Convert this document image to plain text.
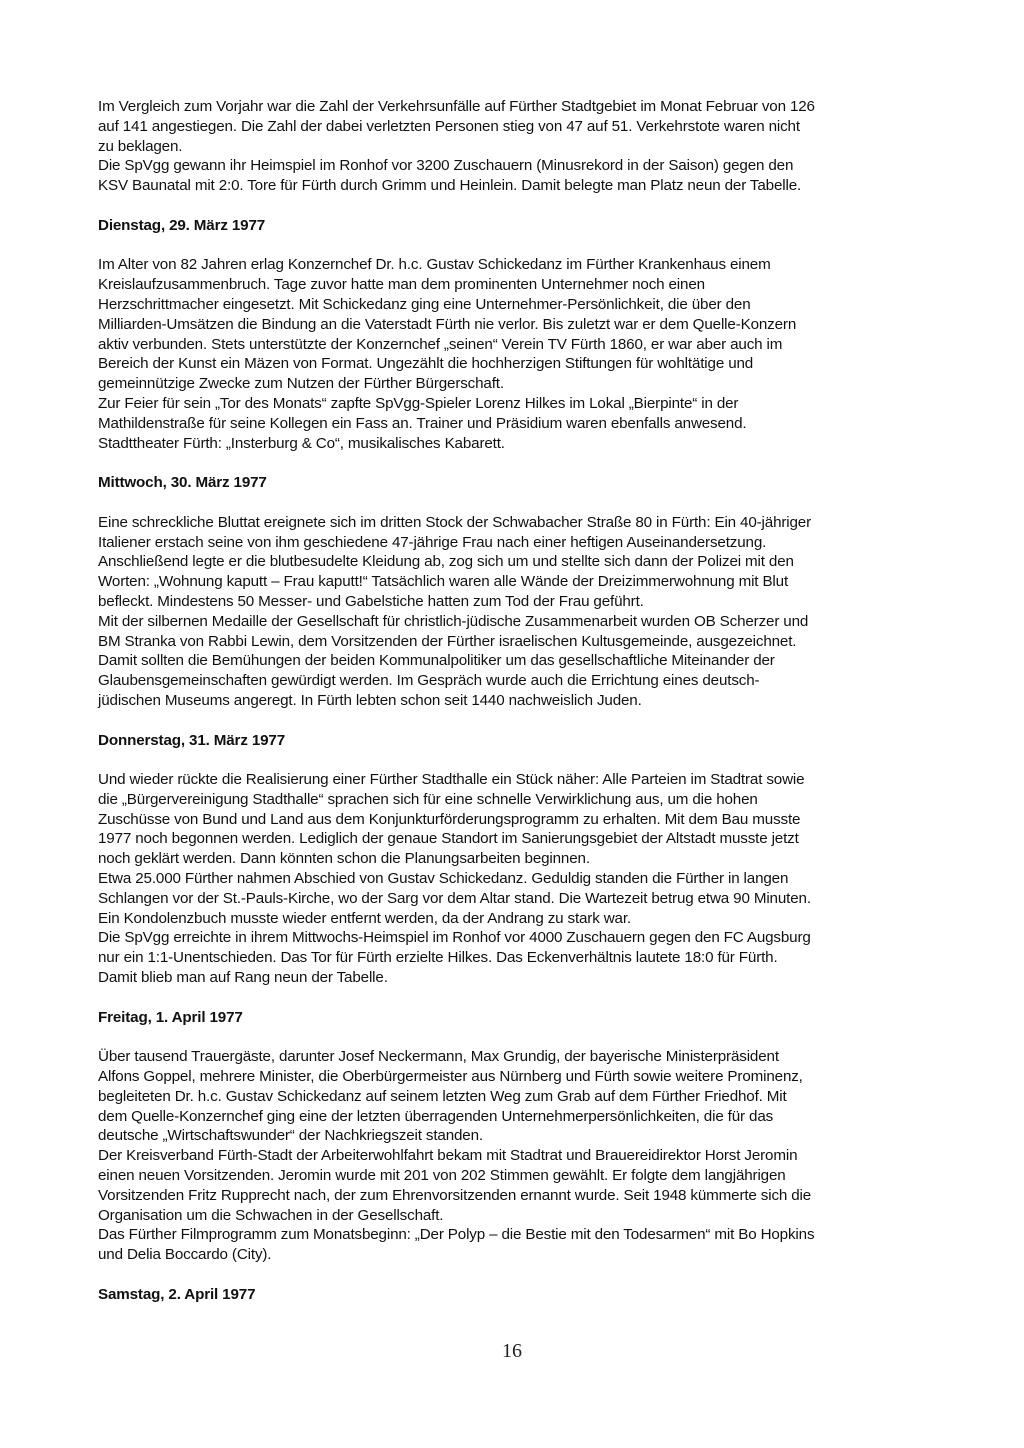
Im Vergleich zum Vorjahr war die Zahl der Verkehrsunfälle auf Fürther Stadtgebiet im Monat Februar von 126
auf 141 angestiegen. Die Zahl der dabei verletzten Personen stieg von 47 auf 51. Verkehrstote waren nicht
zu beklagen.
Die SpVgg gewann ihr Heimspiel im Ronhof vor 3200 Zuschauern (Minusrekord in der Saison) gegen den
KSV Baunatal mit 2:0. Tore für Fürth durch Grimm und Heinlein. Damit belegte man Platz neun der Tabelle.
Dienstag, 29. März 1977
Im Alter von 82 Jahren erlag Konzernchef Dr. h.c. Gustav Schickedanz im Fürther Krankenhaus einem
Kreislaufzusammenbruch. Tage zuvor hatte man dem prominenten Unternehmer noch einen
Herzschrittmacher eingesetzt. Mit Schickedanz ging eine Unternehmer-Persönlichkeit, die über den
Milliarden-Umsätzen die Bindung an die Vaterstadt Fürth nie verlor. Bis zuletzt war er dem Quelle-Konzern
aktiv verbunden. Stets unterstützte der Konzernchef „seinen“ Verein TV Fürth 1860, er war aber auch im
Bereich der Kunst ein Mäzen von Format. Ungezählt die hochherzigen Stiftungen für wohltätige und
gemeinnützige Zwecke zum Nutzen der Fürther Bürgerschaft.
Zur Feier für sein „Tor des Monats“ zapfte SpVgg-Spieler Lorenz Hilkes im Lokal „Bierpinte“ in der
Mathildenstraße für seine Kollegen ein Fass an. Trainer und Präsidium waren ebenfalls anwesend.
Stadttheater Fürth: „Insterburg & Co“, musikalisches Kabarett.
Mittwoch, 30. März 1977
Eine schreckliche Bluttat ereignete sich im dritten Stock der Schwabacher Straße 80 in Fürth: Ein 40-jähriger
Italiener erstach seine von ihm geschiedene 47-jährige Frau nach einer heftigen Auseinandersetzung.
Anschließend legte er die blutbesudelte Kleidung ab, zog sich um und stellte sich dann der Polizei mit den
Worten: „Wohnung kaputt – Frau kaputt!“ Tatsächlich waren alle Wände der Dreizimmerwohnung mit Blut
befleckt. Mindestens 50 Messer- und Gabelstiche hatten zum Tod der Frau geführt.
Mit der silbernen Medaille der Gesellschaft für christlich-jüdische Zusammenarbeit wurden OB Scherzer und
BM Stranka von Rabbi Lewin, dem Vorsitzenden der Fürther israelischen Kultusgemeinde, ausgezeichnet.
Damit sollten die Bemühungen der beiden Kommunalpolitiker um das gesellschaftliche Miteinander der
Glaubensgemeinschaften gewürdigt werden. Im Gespräch wurde auch die Errichtung eines deutsch-
jüdischen Museums angeregt. In Fürth lebten schon seit 1440 nachweislich Juden.
Donnerstag, 31. März 1977
Und wieder rückte die Realisierung einer Fürther Stadthalle ein Stück näher: Alle Parteien im Stadtrat sowie
die „Bürgervereinigung Stadthalle“ sprachen sich für eine schnelle Verwirklichung aus, um die hohen
Zuschüsse von Bund und Land aus dem Konjunkturförderungsprogramm zu erhalten. Mit dem Bau musste
1977 noch begonnen werden. Lediglich der genaue Standort im Sanierungsgebiet der Altstadt musste jetzt
noch geklärt werden. Dann könnten schon die Planungsarbeiten beginnen.
Etwa 25.000 Fürther nahmen Abschied von Gustav Schickedanz. Geduldig standen die Fürther in langen
Schlangen vor der St.-Pauls-Kirche, wo der Sarg vor dem Altar stand. Die Wartezeit betrug etwa 90 Minuten.
Ein Kondolenzbuch musste wieder entfernt werden, da der Andrang zu stark war.
Die SpVgg erreichte in ihrem Mittwochs-Heimspiel im Ronhof vor 4000 Zuschauern gegen den FC Augsburg
nur ein 1:1-Unentschieden. Das Tor für Fürth erzielte Hilkes. Das Eckenverhältnis lautete 18:0 für Fürth.
Damit blieb man auf Rang neun der Tabelle.
Freitag, 1. April 1977
Über tausend Trauergäste, darunter Josef Neckermann, Max Grundig, der bayerische Ministerpräsident
Alfons Goppel, mehrere Minister, die Oberbürgermeister aus Nürnberg und Fürth sowie weitere Prominenz,
begleiteten Dr. h.c. Gustav Schickedanz auf seinem letzten Weg zum Grab auf dem Fürther Friedhof. Mit
dem Quelle-Konzernchef ging eine der letzten überragenden Unternehmerpersönlichkeiten, die für das
deutsche „Wirtschaftswunder“ der Nachkriegszeit standen.
Der Kreisverband Fürth-Stadt der Arbeiterwohlfahrt bekam mit Stadtrat und Brauereidirektor Horst Jeromin
einen neuen Vorsitzenden. Jeromin wurde mit 201 von 202 Stimmen gewählt. Er folgte dem langjährigen
Vorsitzenden Fritz Rupprecht nach, der zum Ehrenvorsitzenden ernannt wurde. Seit 1948 kümmerte sich die
Organisation um die Schwachen in der Gesellschaft.
Das Fürther Filmprogramm zum Monatsbeginn: „Der Polyp – die Bestie mit den Todesarmen“ mit Bo Hopkins
und Delia Boccardo (City).
Samstag, 2. April 1977
16
